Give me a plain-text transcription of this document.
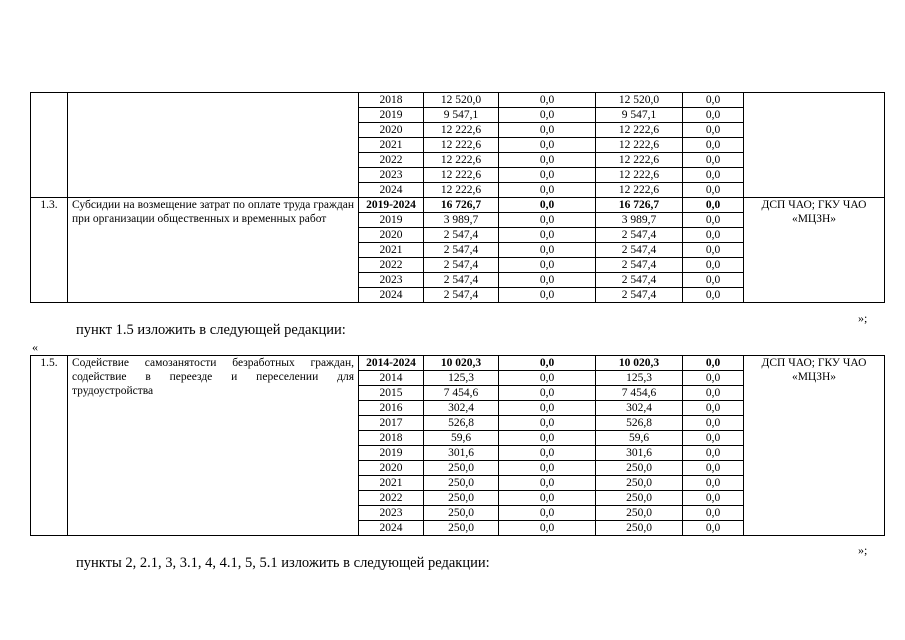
		2018	12 520,0	0,0	12 520,0	0,0	
		2019	9 547,1	0,0	9 547,1	0,0	
		2020	12 222,6	0,0	12 222,6	0,0	
		2021	12 222,6	0,0	12 222,6	0,0	
		2022	12 222,6	0,0	12 222,6	0,0	
		2023	12 222,6	0,0	12 222,6	0,0	
		2024	12 222,6	0,0	12 222,6	0,0	
1.3.	Субсидии на возмещение затрат по оплате труда граждан при организации общественных и временных работ	2019-2024	16 726,7	0,0	16 726,7	0,0	ДСП ЧАО; ГКУ ЧАО «МЦЗН»
		2019	3 989,7	0,0	3 989,7	0,0	
		2020	2 547,4	0,0	2 547,4	0,0	
		2021	2 547,4	0,0	2 547,4	0,0	
		2022	2 547,4	0,0	2 547,4	0,0	
		2023	2 547,4	0,0	2 547,4	0,0	
		2024	2 547,4	0,0	2 547,4	0,0	
»;
пункт 1.5 изложить в следующей редакции:
«
1.5.	Содействие самозанятости безработных граждан, содействие в переезде и переселении для трудоустройства	2014-2024	10 020,3	0,0	10 020,3	0,0	ДСП ЧАО; ГКУ ЧАО «МЦЗН»
		2014	125,3	0,0	125,3	0,0	
		2015	7 454,6	0,0	7 454,6	0,0	
		2016	302,4	0,0	302,4	0,0	
		2017	526,8	0,0	526,8	0,0	
		2018	59,6	0,0	59,6	0,0	
		2019	301,6	0,0	301,6	0,0	
		2020	250,0	0,0	250,0	0,0	
		2021	250,0	0,0	250,0	0,0	
		2022	250,0	0,0	250,0	0,0	
		2023	250,0	0,0	250,0	0,0	
		2024	250,0	0,0	250,0	0,0	
»;
пункты 2, 2.1, 3, 3.1, 4, 4.1, 5, 5.1 изложить в следующей редакции:
